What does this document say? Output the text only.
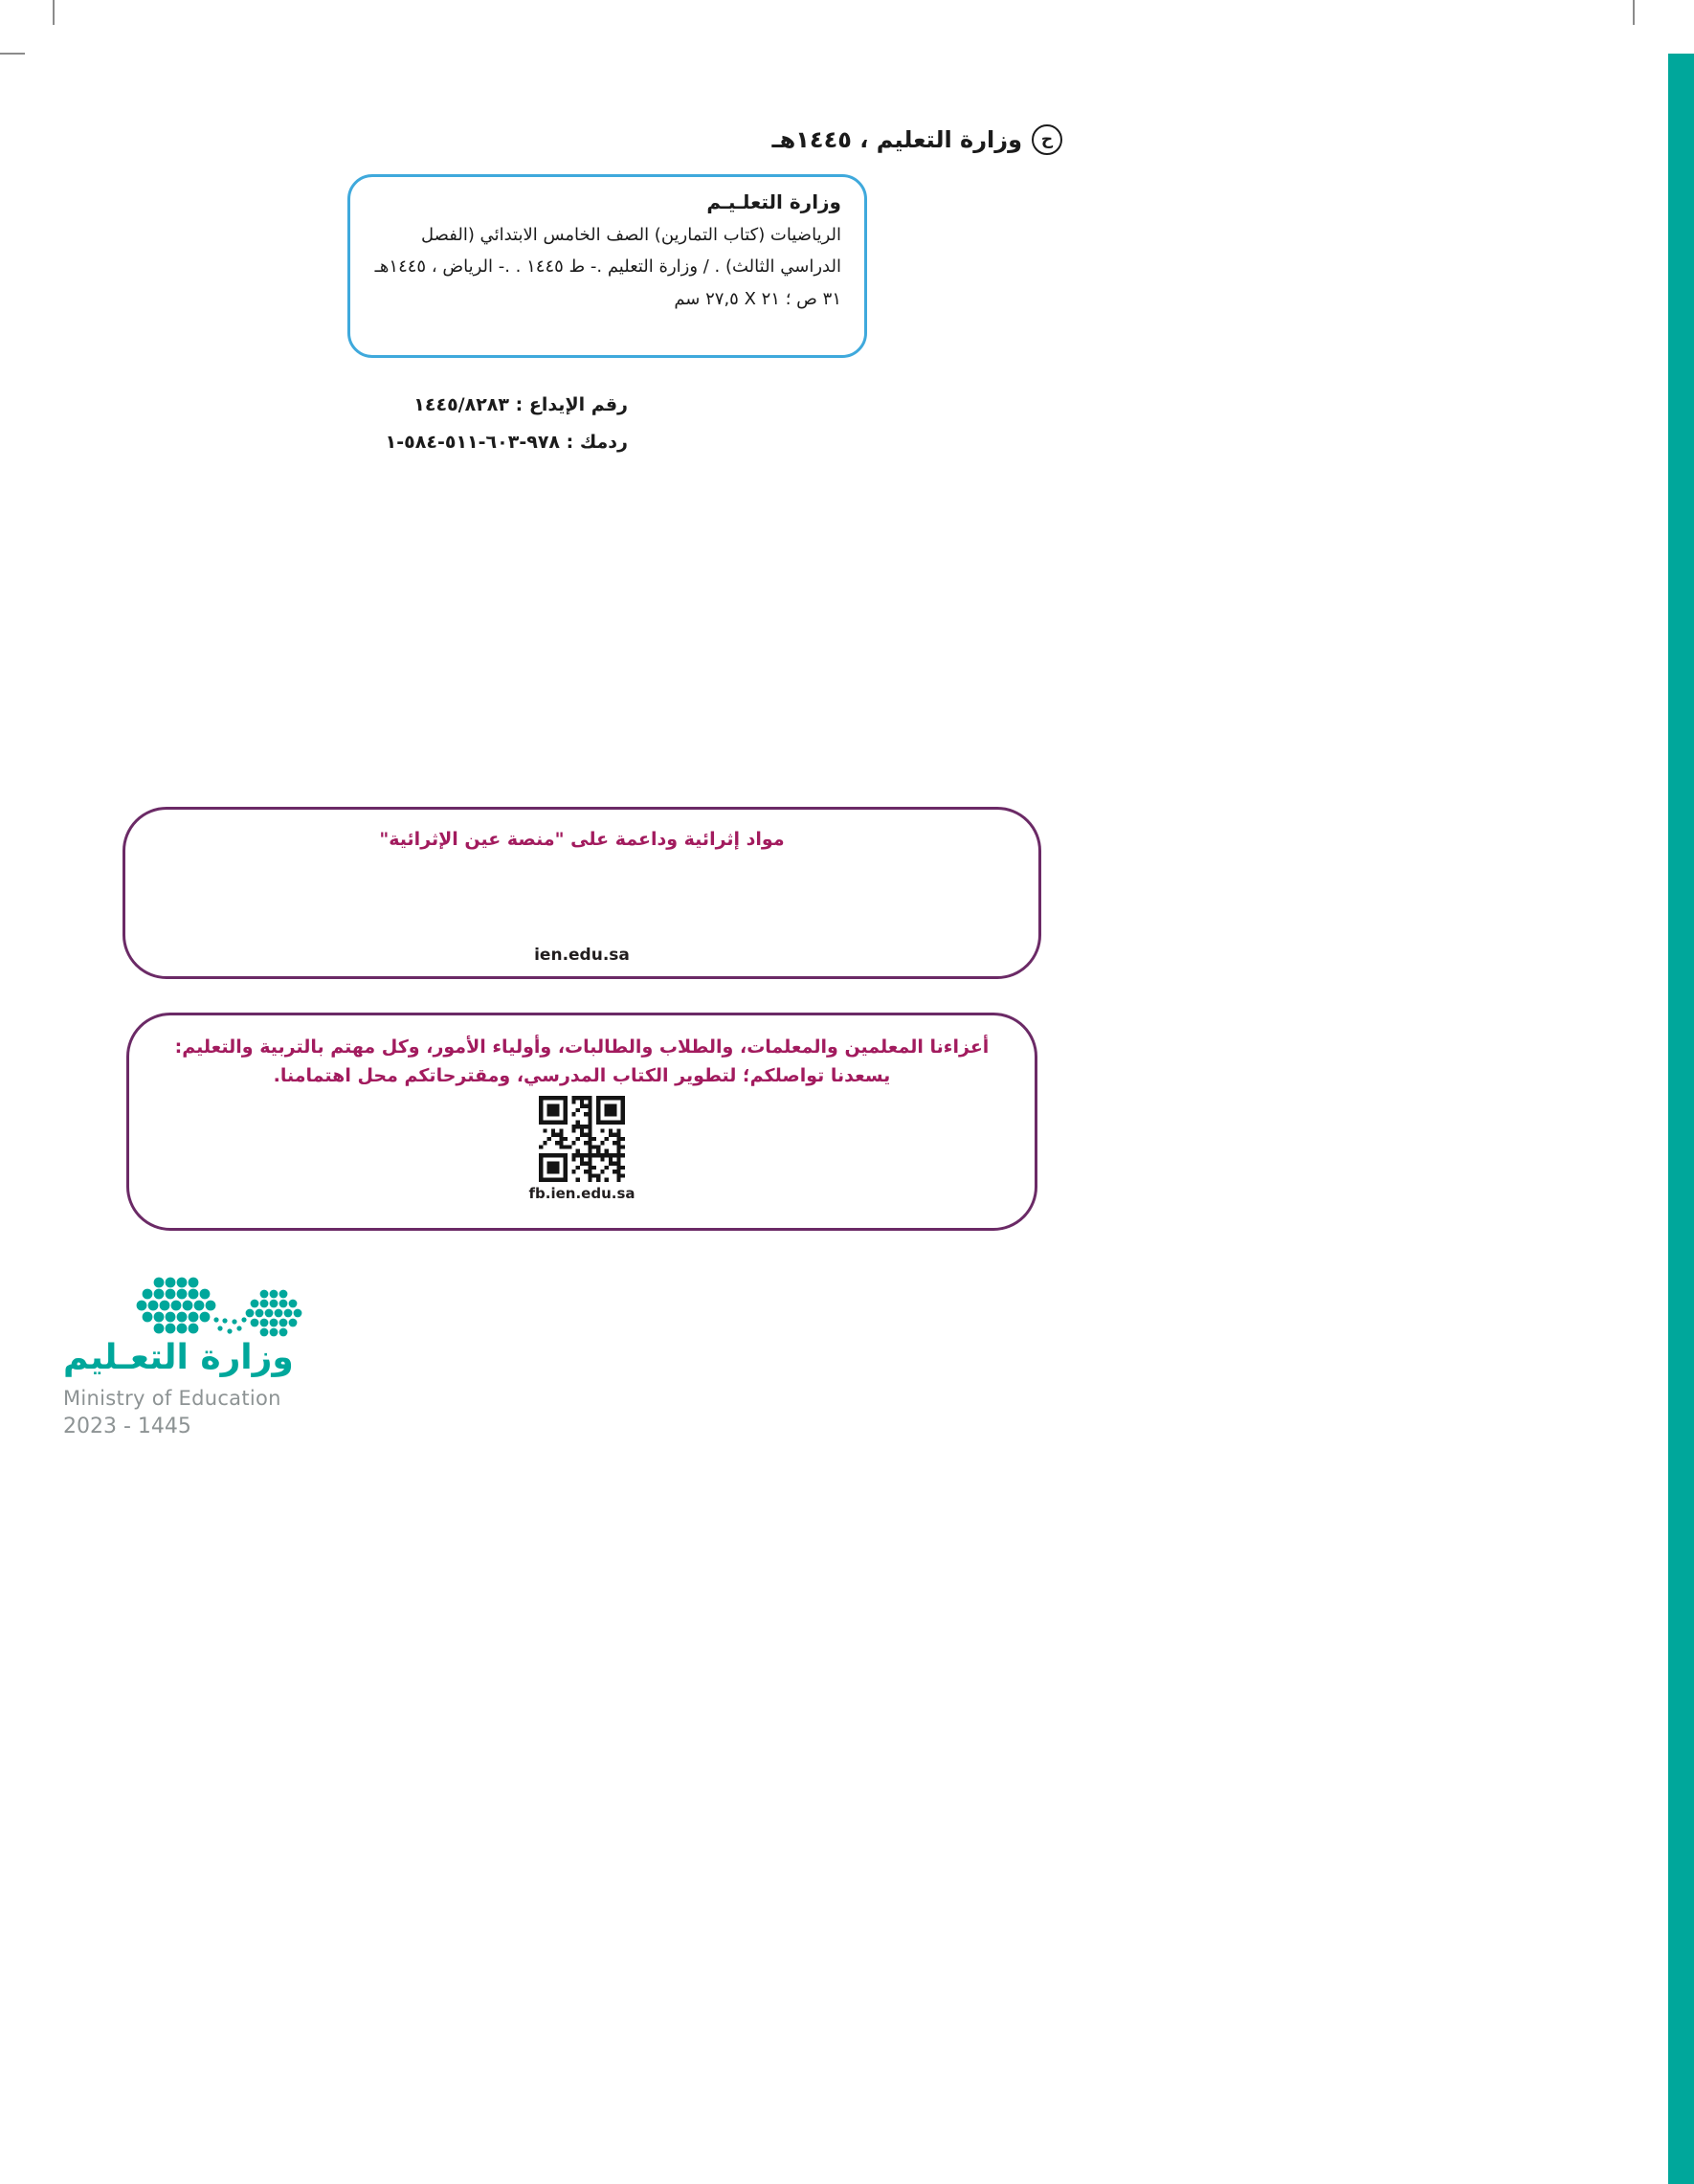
ح
وزارة التعليم ، ١٤٤٥هـ
وزارة التعلـيـم
الرياضيات (كتاب التمارين) الصف الخامس الابتدائي (الفصل
الدراسي الثالث) . / وزارة التعليم .- ط ١٤٤٥ . .- الرياض ، ١٤٤٥هـ
٣١ ص ؛ ٢١ X ٢٧,٥ سم
رقم الإيداع : ١٤٤٥/٨٢٨٣
ردمك : ٩٧٨-٦٠٣-٥١١-٥٨٤-١
مواد إثرائية وداعمة على "منصة عين الإثرائية"
ien.edu.sa
أعزاءنا المعلمين والمعلمات، والطلاب والطالبات، وأولياء الأمور، وكل مهتم بالتربية والتعليم:
يسعدنا تواصلكم؛ لتطوير الكتاب المدرسي، ومقترحاتكم محل اهتمامنا.
fb.ien.edu.sa
وزارة التعـليم
Ministry of Education
2023 - 1445
